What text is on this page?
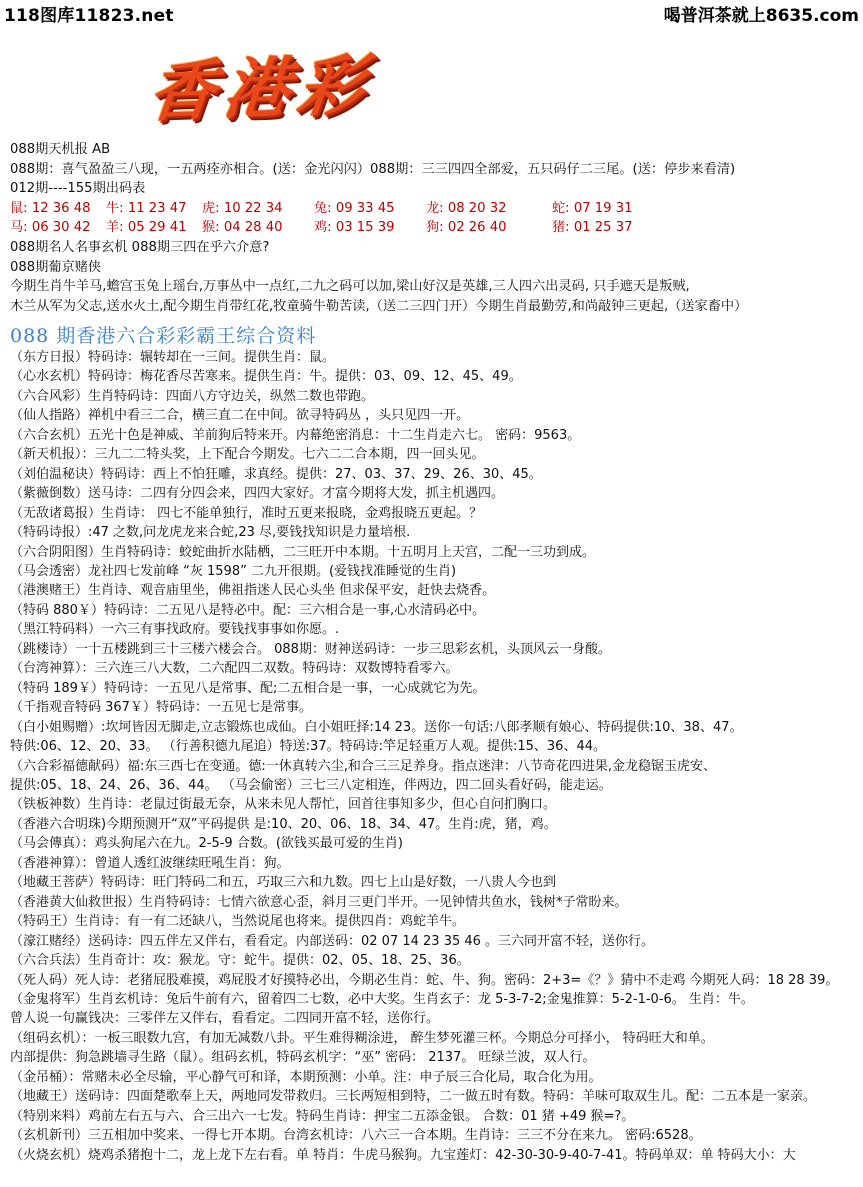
118图库11823.net	喝普洱茶就上8635.com
香港彩
088期天机报 AB
088期：喜气盈盈三八现，一五两痊亦相合。(送：金光闪闪）088期：三三四四全部爱，五只码仔二三尾。(送：停步来看清)
012期----155期出码表
鼠: 12 36 48	牛: 11 23 47	虎: 10 22 34	兔: 09 33 45	龙: 08 20 32	蛇: 07 19 31
马: 06 30 42	羊: 05 29 41	猴: 04 28 40	鸡: 03 15 39	狗: 02 26 40	猪: 01 25 37
088期名人名事玄机 088期三四在乎六介意?
088期葡京赌侠
今期生肖牛羊马,蟾宫玉兔上瑶台,万事丛中一点红,二九之码可以加,梁山好汉是英雄,三人四六出灵码, 只手遮天是叛贼,
木兰从军为父志,送水火土,配今期生肖带红花,牧童骑牛勒苦读,（送二三四门开）今期生肖最勤劳,和尚敲钟三更起,（送家畜中）
088 期香港六合彩彩霸王综合资料
（东方日报）特码诗：辗转却在一三间。提供生肖：鼠。
（心水玄机）特码诗：梅花香尽苦寒来。提供生肖：牛。提供：03、09、12、45、49。
（六合风彩）生肖特码诗：四面八方守边关，纵然二数也带跑。
（仙人指路）禅机中看三二合，横三直二在中间。欲寻特码丛 ，头只见四一开。
（六合玄机）五光十色是神威、羊前狗后特来开。内幕绝密消息：十二生肖走六七。 密码：9563。
（新天机报）：三九二二特头奖，上下配合今期发。七六二二合本期，四一回头见。
（刘伯温秘诀）特码诗：西上不怕狂雕，求真经。提供：27、03、37、29、26、30、45。
（紫薇倒数）送马诗：二四有分四会来，四四大家好。才富今期将大发，抓主机遇四。
（无敌诸葛报）生肖诗： 四七不能单独行，准时五更来报晓，金鸡报晓五更起。？
（特码诗报）:47 之数,问龙虎龙来合蛇,23 尽,要钱找知识是力量培根.
（六合阴阳图）生肖特码诗：蛟蛇曲折水陆栖，二三旺开中本期。十五明月上天宫，二配一三功到成。
（马会透密）龙社四七发前峰 “灰 1598” 二九开很期。(爱钱找准睡觉的生肖)
（港澳赌王）生肖诗、观音庙里坐，佛祖指迷人民心头坐 但求保平安，赶快去烧香。
（特码 880￥）特码诗：二五见八是特必中。配：三六相合是一事,心水清码必中。
（黑江特码料）一六三有事找政府。要钱找事事如你愿。.
（跳楼诗）一十五楼跳到三十三楼六楼会合。 088期：财神送码诗：一步三思彩玄机，头顶风云一身酸。
（台湾神算）：三六连三八大数，二六配四二双数。特码诗：双数博特看零六。
（特码 189￥）特码诗：一五见八是常事、配;二五相合是一事，一心成就它为先。
（千指观音特码 367￥）特码诗：一五见七是常事。
（白小姐赐赠）:坎坷皆因无脚走,立志锻炼也成仙。白小姐旺择:14 23。送你一句话:八郎孝顺有娘心、特码提供:10、38、47。
特供:06、12、20、33。 （行善积德九尾追）特送:37。特码诗:竿足轻重万人观。提供:15、36、44。
（六合彩福德献码）福:东三西七在变通。德:一休真转六尘,和合三三足养身。指点迷津：八节奇花四进果,金龙稳锯玉虎安、
提供:05、18、24、26、36、44。 （马会偷密）三七三八定相连，伴两边，四二回头看好码，能走运。
（铁板神数）生肖诗：老鼠过街最无奈，从来未见人帮忙，回首往事知多少，但心自问扪胸口。
（香港六合明珠)今期预测开“双”平码提供 是:10、20、06、18、34、47。生肖:虎，猪，鸡。
（马会傳真）：鸡头狗尾六在九。2-5-9 合数。(欲钱买最可爱的生肖)
（香港神算）：曾道人透红波继续旺吼生肖：狗。
（地藏王菩萨）特码诗：旺门特码二和五，巧取三六和九数。四七上山是好数，一八贵人今也到
（香港黄大仙救世报）生肖特码诗：七情六欲意心歪，斜月三更门半开。一见钟情共鱼水，钱树*子常盼来。
（特码王）生肖诗：有一有二还缺八，当然说尾也将来。提供四肖：鸡蛇羊牛。
（濠江赌经）送码诗：四五伴左又伴右，看看定。内部送码：02 07 14 23 35 46 。三六同开富不轻，送你行。
（六合兵法）生肖奇计：攻：猴龙。守：蛇牛。提供：02、05、18、25、36。
（死人码）死人诗：老猪屁股难摸，鸡屁股才好摸特必出，今期必生肖：蛇、牛、狗。密码：2+3=《？》猜中不走鸡 今期死人码：18 28 39。
（金鬼将军）生肖玄机诗：兔后牛前有六，留着四二七数，必中大奖。生肖玄子：龙 5-3-7-2;金鬼推算：5-2-1-0-6。 生肖：牛。
曾人说一句赢钱决：三零伴左又伴右，看看定。二四同开富不轻，送你行。
（组码玄机）：一板三眼数九宫，有加无减数八卦。平生难得糊涂进， 醉生梦死灌三杯。今期总分可择小， 特码旺大和单。
内部提供：狗急跳墙寻生路（鼠）。组码玄机，特码玄机字：“巫” 密码： 2137。 旺绿兰波，双人行。
（金吊桶）：常赌未必全尽输，平心静气可和译，本期预测：小单。注：申子辰三合化局，取合化为用。
（地藏王）送码诗：四面楚歌奉上天，两地同发带救归。三长两短相到特，二一做五时有数。特码：羊味可取双生儿。配：二五本是一家亲。
（特别来料）鸡前左右五与六、合三出六一七发。特码生肖诗：押宝二五添金银。 合数：01 猪 +49 猴=?。
（玄机新刊）三五相加中奖来、一得七开本期。台湾玄机诗：八六三一合本期。生肖诗：三三不分在来九。 密码:6528。
（火烧玄机）烧鸡杀猪抱十二，龙上龙下左右看。单 特肖：牛虎马猴狗。九宝莲灯：42-30-30-9-40-7-41。特码单双：单 特码大小：大
